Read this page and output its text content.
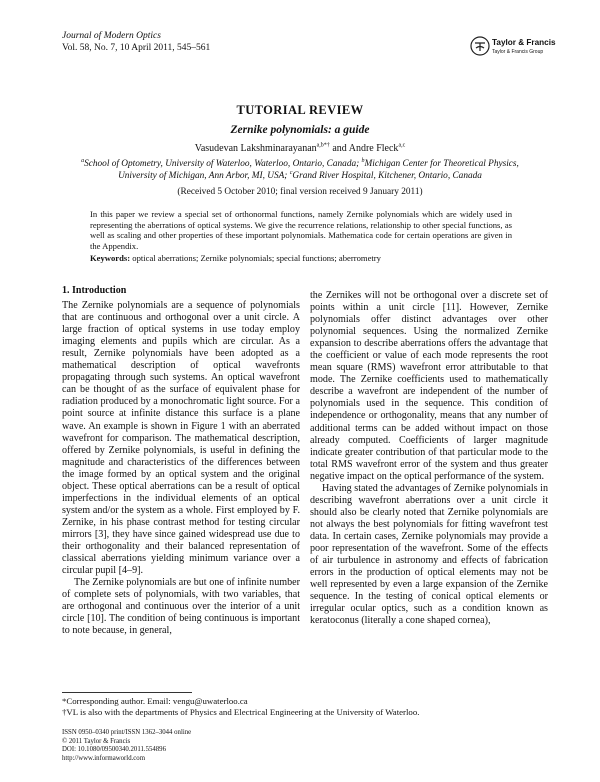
Journal of Modern Optics
Vol. 58, No. 7, 10 April 2011, 545–561
Taylor & Francis
Taylor & Francis Group
TUTORIAL REVIEW
Zernike polynomials: a guide
Vasudevan Lakshminarayanan$^{a,b*\dagger}$ and Andre Fleck$^{a,c}$
$^a$School of Optometry, University of Waterloo, Waterloo, Ontario, Canada; $^b$Michigan Center for Theoretical Physics, University of Michigan, Ann Arbor, MI, USA; $^c$Grand River Hospital, Kitchener, Ontario, Canada
(Received 5 October 2010; final version received 9 January 2011)
In this paper we review a special set of orthonormal functions, namely Zernike polynomials which are widely used in representing the aberrations of optical systems. We give the recurrence relations, relationship to other special functions, as well as scaling and other properties of these important polynomials. Mathematica code for certain operations are given in the Appendix.
Keywords: optical aberrations; Zernike polynomials; special functions; aberrometry
1. Introduction

The Zernike polynomials are a sequence of polynomials that are continuous and orthogonal over a unit circle. A large fraction of optical systems in use today employ imaging elements and pupils which are circular. As a result, Zernike polynomials have been adopted as a mathematical description of optical wavefronts propagating through such systems. An optical wavefront can be thought of as the surface of equivalent phase for radiation produced by a monochromatic light source. For a point source at infinite distance this surface is a plane wave. An example is shown in Figure 1 with an aberrated wavefront for comparison. The mathematical description, offered by Zernike polynomials, is useful in defining the magnitude and characteristics of the differences between the image formed by an optical system and the original object. These optical aberrations can be a result of optical imperfections in the individual elements of an optical system and/or the system as a whole. First employed by F. Zernike, in his phase contrast method for testing circular mirrors [3], they have since gained widespread use due to their orthogonality and their balanced representation of classical aberrations yielding minimum variance over a circular pupil [4–9].

The Zernike polynomials are but one of infinite number of complete sets of polynomials, with two variables, that are orthogonal and continuous over the interior of a unit circle [10]. The condition of being continuous is important to note because, in general,

the Zernikes will not be orthogonal over a discrete set of points within a unit circle [11]. However, Zernike polynomials offer distinct advantages over other polynomial sequences. Using the normalized Zernike expansion to describe aberrations offers the advantage that the coefficient or value of each mode represents the root mean square (RMS) wavefront error attributable to that mode. The Zernike coefficients used to mathematically describe a wavefront are independent of the number of polynomials used in the sequence. This condition of independence or orthogonality, means that any number of additional terms can be added without impact on those already computed. Coefficients of larger magnitude indicate greater contribution of that particular mode to the total RMS wavefront error of the system and thus greater negative impact on the optical performance of the system.

Having stated the advantages of Zernike polynomials in describing wavefront aberrations over a unit circle it should also be clearly noted that Zernike polynomials are not always the best polynomials for fitting wavefront test data. In certain cases, Zernike polynomials may provide a poor representation of the wavefront. Some of the effects of air turbulence in astronomy and effects of fabrication errors in the production of optical elements may not be well represented by even a large expansion of the Zernike sequence. In the testing of conical optical elements or irregular ocular optics, such as a condition known as keratoconus (literally a cone shaped cornea),

*Corresponding author. Email: vengu@uwaterloo.ca
†VL is also with the departments of Physics and Electrical Engineering at the University of Waterloo.
ISSN 0950–0340 print/ISSN 1362–3044 online
© 2011 Taylor & Francis
DOI: 10.1080/09500340.2011.554896
http://www.informaworld.com
